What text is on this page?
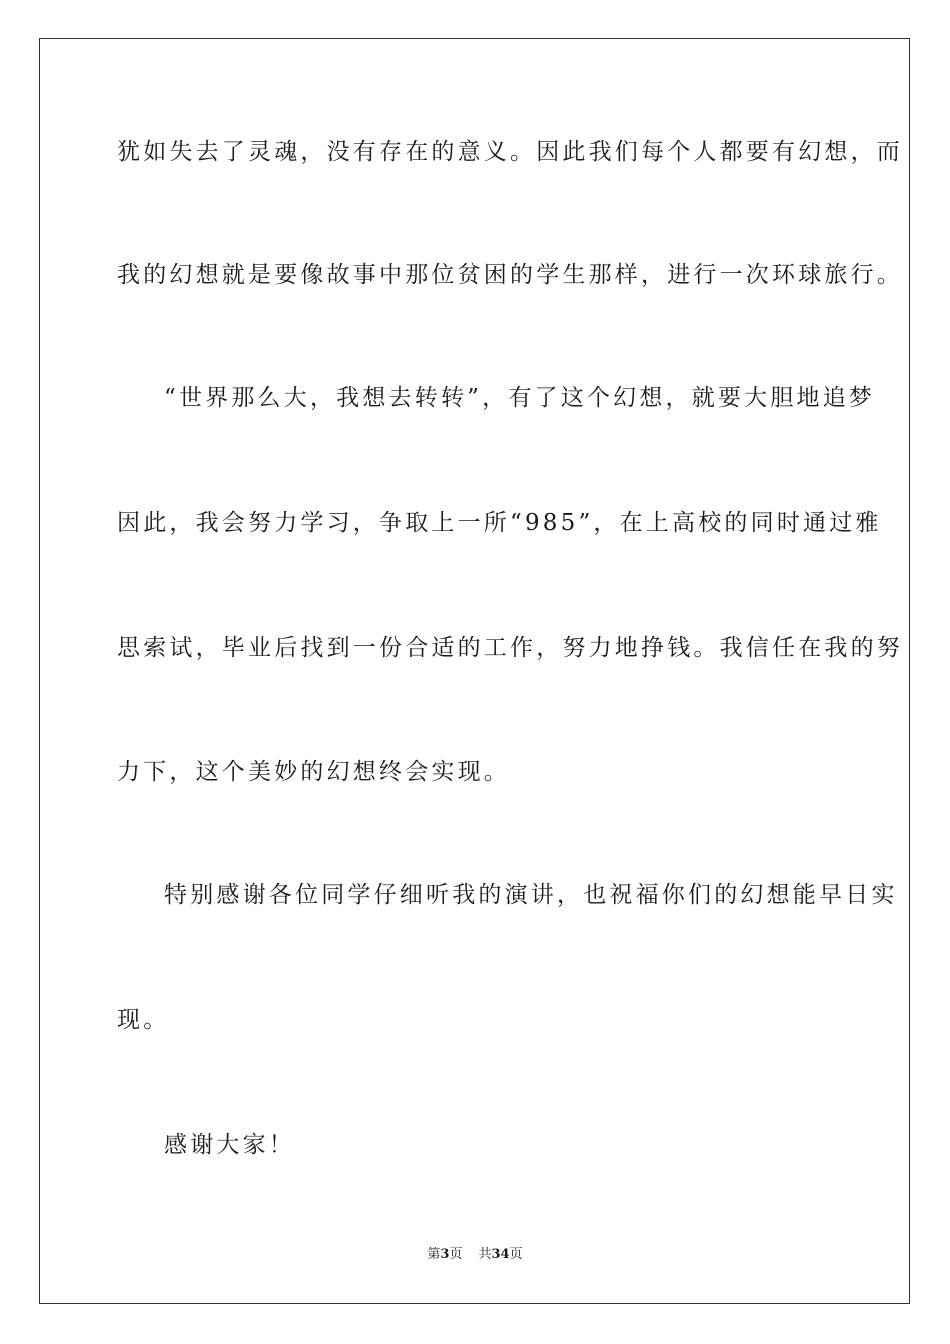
犹如失去了灵魂，没有存在的意义。因此我们每个人都要有幻想，而
我的幻想就是要像故事中那位贫困的学生那样，进行一次环球旅行。
“世界那么大，我想去转转”，有了这个幻想，就要大胆地追梦
因此，我会努力学习，争取上一所“985”，在上高校的同时通过雅
思索试，毕业后找到一份合适的工作，努力地挣钱。我信任在我的努
力下，这个美妙的幻想终会实现。
特别感谢各位同学仔细听我的演讲，也祝福你们的幻想能早日实
现。
感谢大家！
第3页 共34页
